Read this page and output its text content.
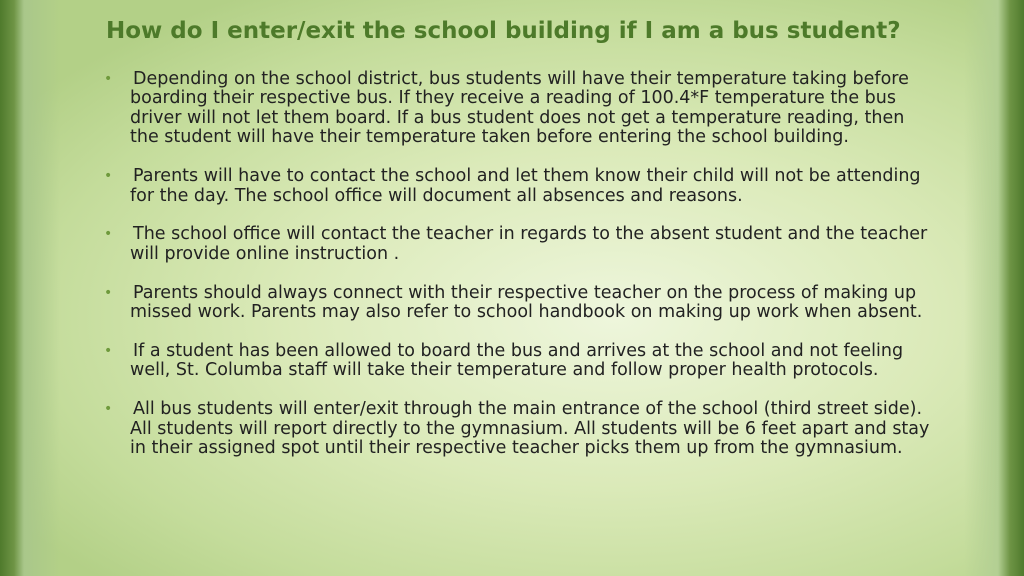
How do I enter/exit the school building if I am a bus student?
• Depending on the school district, bus students will have their temperature taking before boarding their respective bus. If they receive a reading of 100.4*F temperature the bus driver will not let them board. If a bus student does not get a temperature reading, then the student will have their temperature taken before entering the school building.
• Parents will have to contact the school and let them know their child will not be attending for the day. The school office will document all absences and reasons.
• The school office will contact the teacher in regards to the absent student and the teacher will provide online instruction .
• Parents should always connect with their respective teacher on the process of making up missed work. Parents may also refer to school handbook on making up work when absent.
• If a student has been allowed to board the bus and arrives at the school and not feeling well, St. Columba staff will take their temperature and follow proper health protocols.
• All bus students will enter/exit through the main entrance of the school (third street side). All students will report directly to the gymnasium. All students will be 6 feet apart and stay in their assigned spot until their respective teacher picks them up from the gymnasium.
